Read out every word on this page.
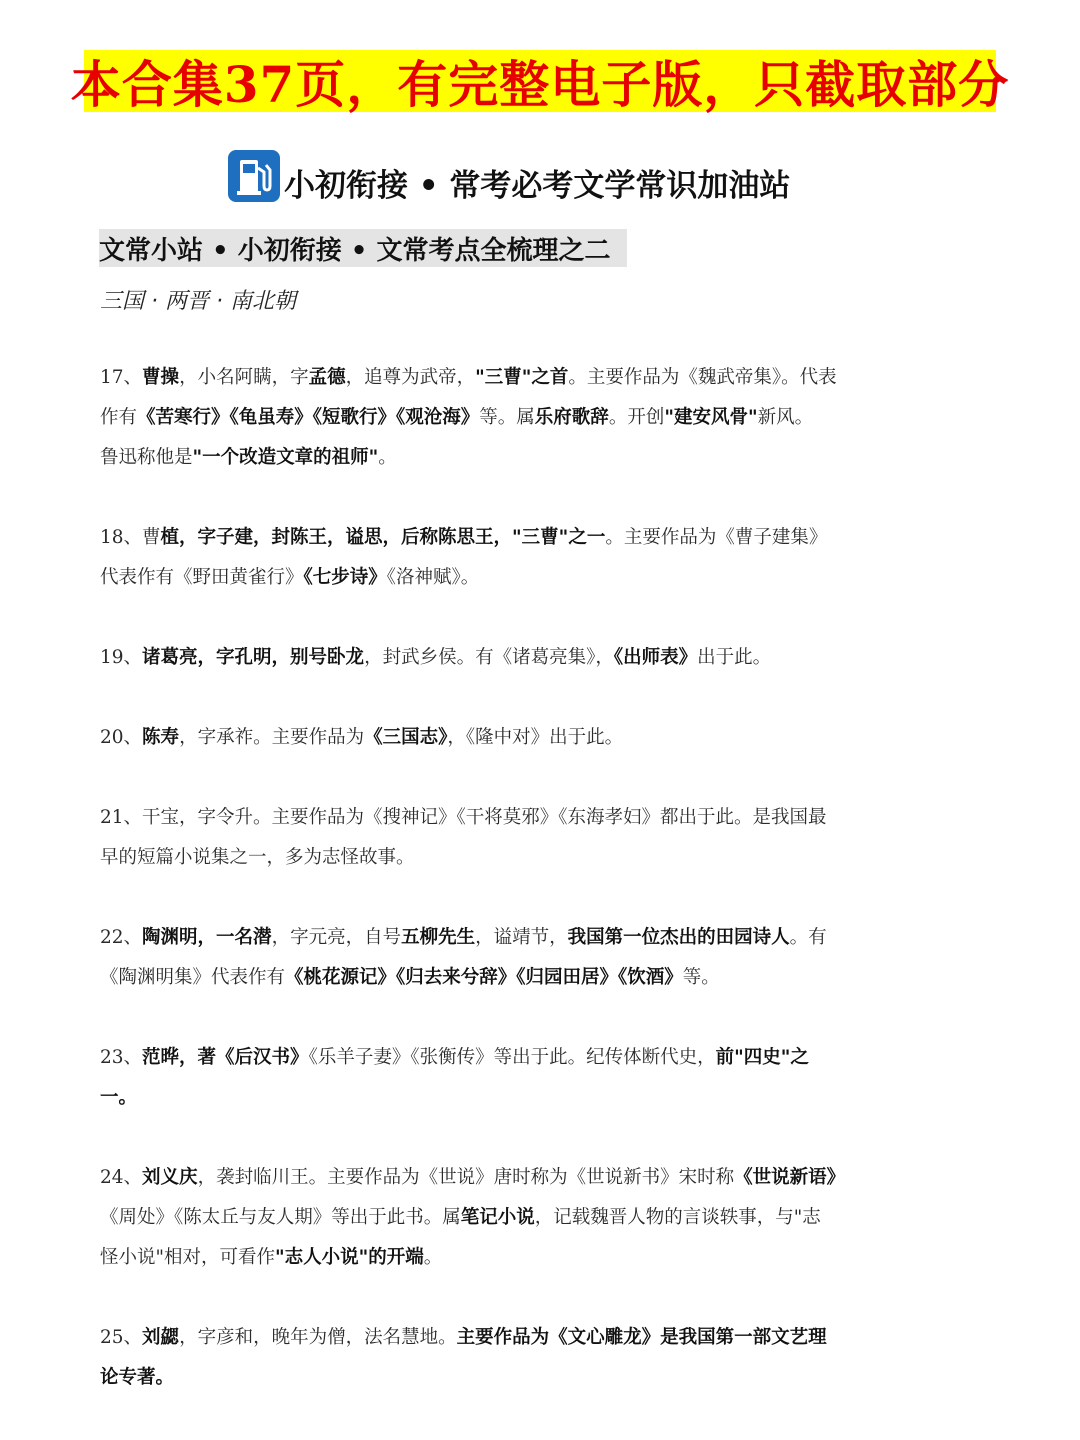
本合集37页，有完整电子版，只截取部分
小初衔接 • 常考必考文学常识加油站
文常小站 • 小初衔接 • 文常考点全梳理之二
三国 · 两晋 · 南北朝
17、曹操，小名阿瞒，字孟德，追尊为武帝，"三曹"之首。主要作品为《魏武帝集》。代表
作有《苦寒行》《龟虽寿》《短歌行》《观沧海》等。属乐府歌辞。开创"建安风骨"新风。
鲁迅称他是"一个改造文章的祖师"。
18、曹植，字子建，封陈王，谥思，后称陈思王，"三曹"之一。主要作品为《曹子建集》
代表作有《野田黄雀行》《七步诗》《洛神赋》。
19、诸葛亮，字孔明，别号卧龙，封武乡侯。有《诸葛亮集》，《出师表》出于此。
20、陈寿，字承祚。主要作品为《三国志》，《隆中对》出于此。
21、干宝，字令升。主要作品为《搜神记》《干将莫邪》《东海孝妇》都出于此。是我国最
早的短篇小说集之一，多为志怪故事。
22、陶渊明，一名潜，字元亮，自号五柳先生，谥靖节，我国第一位杰出的田园诗人。有
《陶渊明集》代表作有《桃花源记》《归去来兮辞》《归园田居》《饮酒》等。
23、范晔，著《后汉书》《乐羊子妻》《张衡传》等出于此。纪传体断代史，前"四史"之
一。
24、刘义庆，袭封临川王。主要作品为《世说》唐时称为《世说新书》宋时称《世说新语》
《周处》《陈太丘与友人期》等出于此书。属笔记小说，记载魏晋人物的言谈轶事，与"志
怪小说"相对，可看作"志人小说"的开端。
25、刘勰，字彦和，晚年为僧，法名慧地。主要作品为《文心雕龙》是我国第一部文艺理
论专著。
